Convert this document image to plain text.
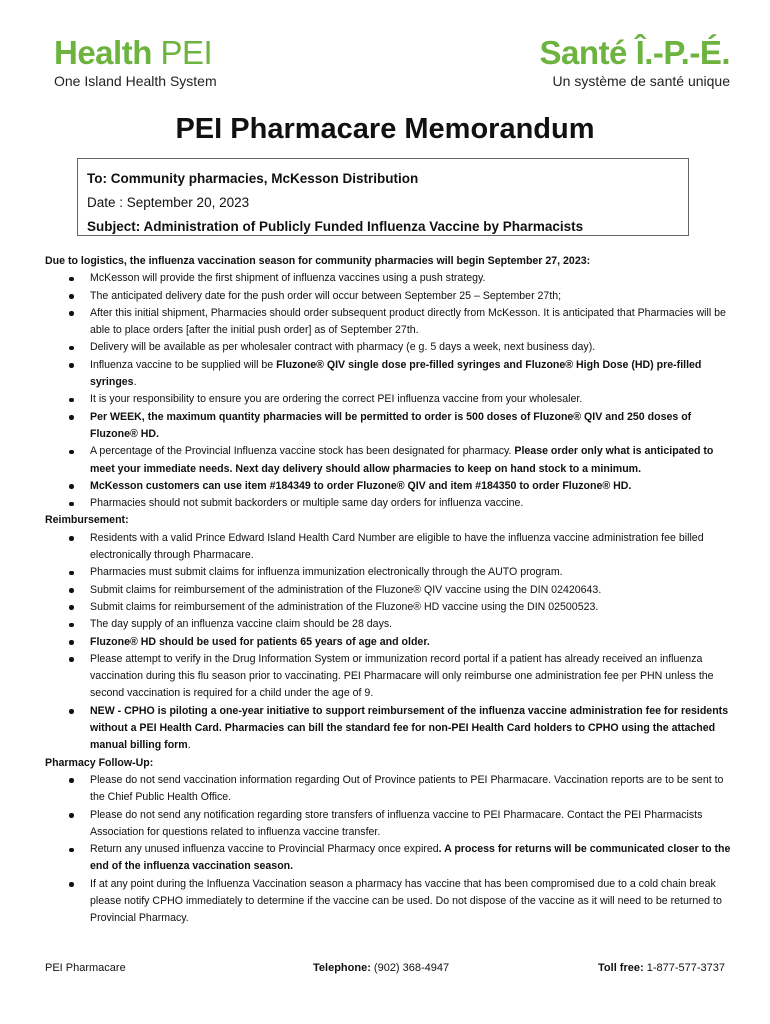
Health PEI
One Island Health System
Santé Î.-P.-É.
Un système de santé unique
PEI Pharmacare Memorandum
To: Community pharmacies, McKesson Distribution
Date : September 20, 2023
Subject: Administration of Publicly Funded Influenza Vaccine by Pharmacists
Due to logistics, the influenza vaccination season for community pharmacies will begin September 27, 2023:
McKesson will provide the first shipment of influenza vaccines using a push strategy.
The anticipated delivery date for the push order will occur between September 25 – September 27th;
After this initial shipment, Pharmacies should order subsequent product directly from McKesson. It is anticipated that Pharmacies will be able to place orders [after the initial push order] as of September 27th.
Delivery will be available as per wholesaler contract with pharmacy (e g. 5 days a week, next business day).
Influenza vaccine to be supplied will be Fluzone® QIV single dose pre-filled syringes and Fluzone® High Dose (HD) pre-filled syringes.
It is your responsibility to ensure you are ordering the correct PEI influenza vaccine from your wholesaler.
Per WEEK, the maximum quantity pharmacies will be permitted to order is 500 doses of Fluzone® QIV and 250 doses of Fluzone® HD.
A percentage of the Provincial Influenza vaccine stock has been designated for pharmacy. Please order only what is anticipated to meet your immediate needs. Next day delivery should allow pharmacies to keep on hand stock to a minimum.
McKesson customers can use item #184349 to order Fluzone® QIV and item #184350 to order Fluzone® HD.
Pharmacies should not submit backorders or multiple same day orders for influenza vaccine.
Reimbursement:
Residents with a valid Prince Edward Island Health Card Number are eligible to have the influenza vaccine administration fee billed electronically through Pharmacare.
Pharmacies must submit claims for influenza immunization electronically through the AUTO program.
Submit claims for reimbursement of the administration of the Fluzone® QIV vaccine using the DIN 02420643.
Submit claims for reimbursement of the administration of the Fluzone® HD vaccine using the DIN 02500523.
The day supply of an influenza vaccine claim should be 28 days.
Fluzone® HD should be used for patients 65 years of age and older.
Please attempt to verify in the Drug Information System or immunization record portal if a patient has already received an influenza vaccination during this flu season prior to vaccinating. PEI Pharmacare will only reimburse one administration fee per PHN unless the second vaccination is required for a child under the age of 9.
NEW - CPHO is piloting a one-year initiative to support reimbursement of the influenza vaccine administration fee for residents without a PEI Health Card. Pharmacies can bill the standard fee for non-PEI Health Card holders to CPHO using the attached manual billing form.
Pharmacy Follow-Up:
Please do not send vaccination information regarding Out of Province patients to PEI Pharmacare. Vaccination reports are to be sent to the Chief Public Health Office.
Please do not send any notification regarding store transfers of influenza vaccine to PEI Pharmacare. Contact the PEI Pharmacists Association for questions related to influenza vaccine transfer.
Return any unused influenza vaccine to Provincial Pharmacy once expired. A process for returns will be communicated closer to the end of the influenza vaccination season.
If at any point during the Influenza Vaccination season a pharmacy has vaccine that has been compromised due to a cold chain break please notify CPHO immediately to determine if the vaccine can be used. Do not dispose of the vaccine as it will need to be returned to Provincial Pharmacy.
PEI Pharmacare	Telephone: (902) 368-4947	Toll free: 1-877-577-3737
